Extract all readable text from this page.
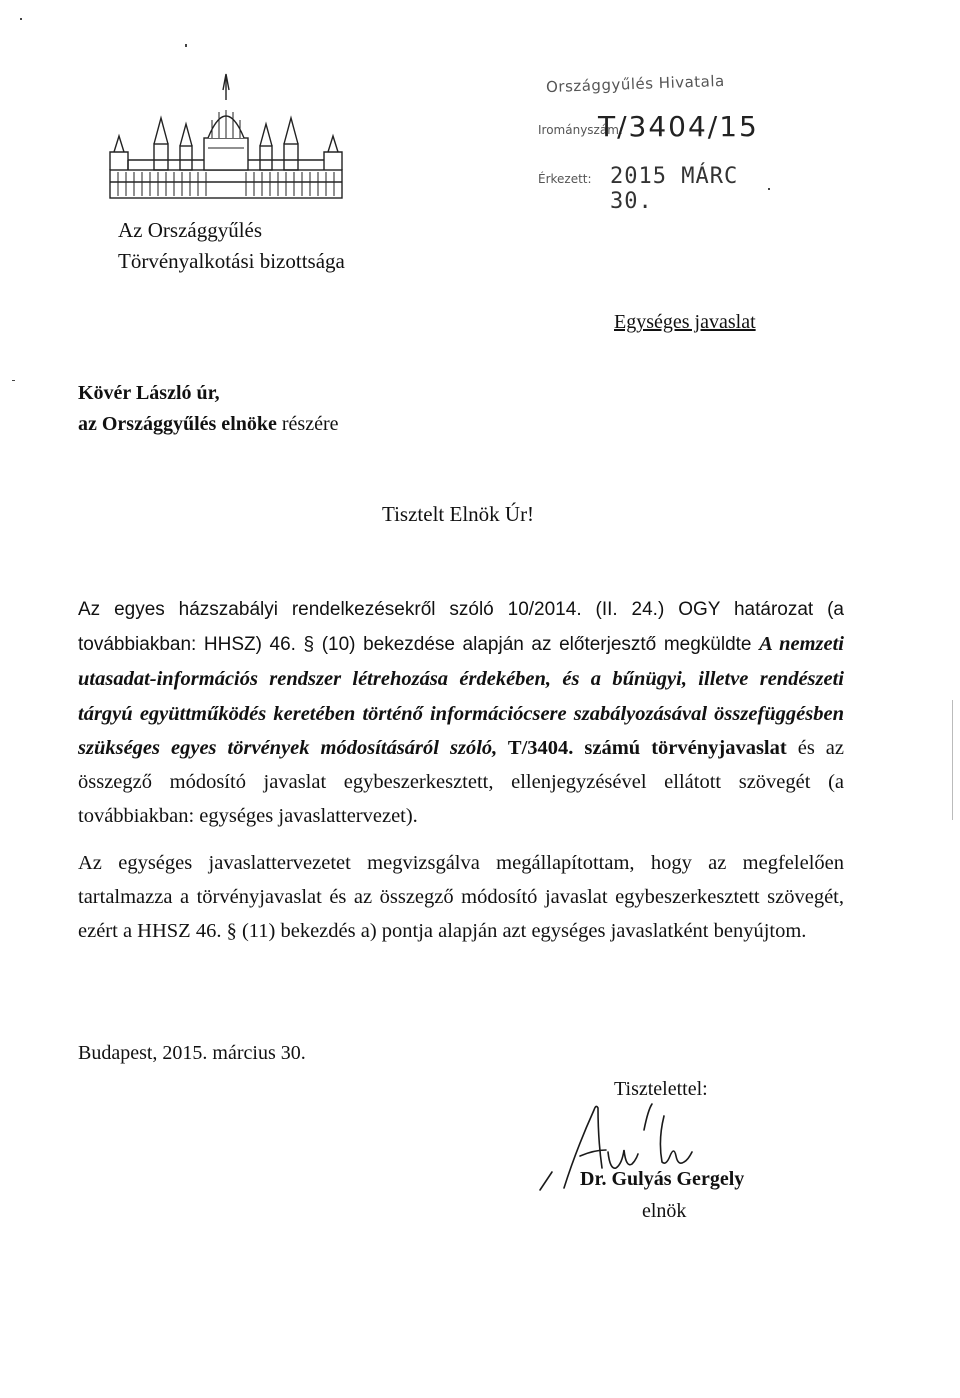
Országgyűlés Hivatala
Irományszám:
T/3404/15
Érkezett: 2015 MÁRC 30.
Az Országgyűlés
Törvényalkotási bizottsága
Egységes javaslat
Kövér László úr,
az Országgyűlés elnöke részére
Tisztelt Elnök Úr!
Az egyes házszabályi rendelkezésekről szóló 10/2014. (II. 24.) OGY határozat (a továbbiakban: HHSZ) 46. § (10) bekezdése alapján az előterjesztő megküldte A nemzeti utasadat-információs rendszer létrehozása érdekében, és a bűnügyi, illetve rendészeti tárgyú együttműködés keretében történő információcsere szabályozásával összefüggésben szükséges egyes törvények módosításáról szóló, T/3404. számú törvényjavaslat és az összegző módosító javaslat egybeszerkesztett, ellenjegyzésével ellátott szövegét (a továbbiakban: egységes javaslattervezet).
Az egységes javaslattervezetet megvizsgálva megállapítottam, hogy az megfelelően tartalmazza a törvényjavaslat és az összegző módosító javaslat egybeszerkesztett szövegét, ezért a HHSZ 46. § (11) bekezdés a) pontja alapján azt egységes javaslatként benyújtom.
Budapest, 2015. március 30.
Tisztelettel:
Dr. Gulyás Gergely
elnök
